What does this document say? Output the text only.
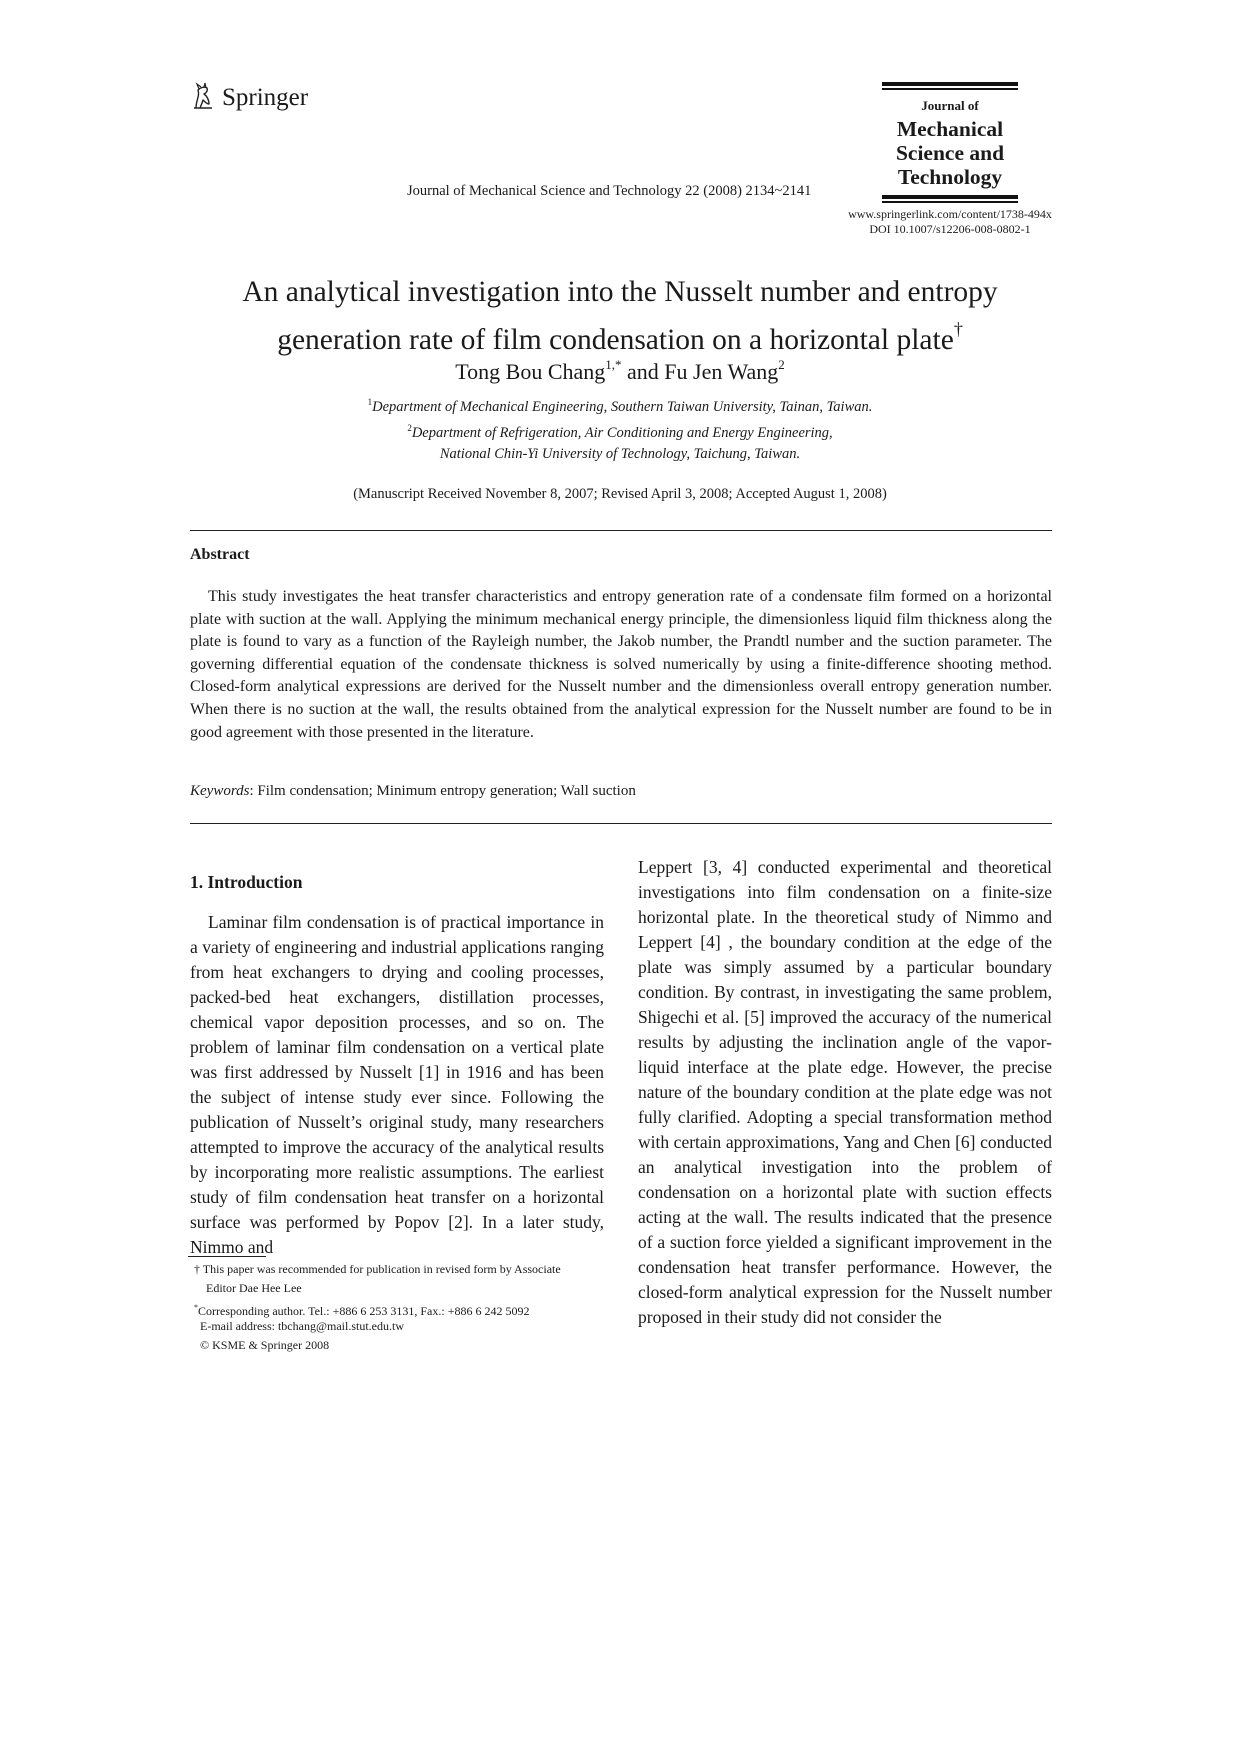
Springer	Journal of
Mechanical
Science and
Technology
Journal of Mechanical Science and Technology 22 (2008) 2134~2141
www.springerlink.com/content/1738-494x
DOI 10.1007/s12206-008-0802-1
An analytical investigation into the Nusselt number and entropy
generation rate of film condensation on a horizontal plate†
Tong Bou Chang$^{1,*}$ and Fu Jen Wang$^2$
$^1$Department of Mechanical Engineering, Southern Taiwan University, Tainan, Taiwan.
$^2$Department of Refrigeration, Air Conditioning and Energy Engineering,
National Chin-Yi University of Technology, Taichung, Taiwan.
(Manuscript Received November 8, 2007; Revised April 3, 2008; Accepted August 1, 2008)
Abstract
This study investigates the heat transfer characteristics and entropy generation rate of a condensate film formed on a horizontal plate with suction at the wall. Applying the minimum mechanical energy principle, the dimensionless liquid film thickness along the plate is found to vary as a function of the Rayleigh number, the Jakob number, the Prandtl number and the suction parameter. The governing differential equation of the condensate thickness is solved numerically by using a finite-difference shooting method. Closed-form analytical expressions are derived for the Nusselt number and the dimensionless overall entropy generation number. When there is no suction at the wall, the results obtained from the analytical expression for the Nusselt number are found to be in good agreement with those presented in the literature.
Keywords: Film condensation; Minimum entropy generation; Wall suction
1. Introduction
Laminar film condensation is of practical importance in a variety of engineering and industrial applications ranging from heat exchangers to drying and cooling processes, packed-bed heat exchangers, distillation processes, chemical vapor deposition processes, and so on. The problem of laminar film condensation on a vertical plate was first addressed by Nusselt [1] in 1916 and has been the subject of intense study ever since. Following the publication of Nusselt’s original study, many researchers attempted to improve the accuracy of the analytical results by incorporating more realistic assumptions. The earliest study of film condensation heat transfer on a horizontal surface was performed by Popov [2]. In a later study, Nimmo and
Leppert [3, 4] conducted experimental and theoretical investigations into film condensation on a finite-size horizontal plate. In the theoretical study of Nimmo and Leppert [4] , the boundary condition at the edge of the plate was simply assumed by a particular boundary condition. By contrast, in investigating the same problem, Shigechi et al. [5] improved the accuracy of the numerical results by adjusting the inclination angle of the vapor-liquid interface at the plate edge. However, the precise nature of the boundary condition at the plate edge was not fully clarified. Adopting a special transformation method with certain approximations, Yang and Chen [6] conducted an analytical investigation into the problem of condensation on a horizontal plate with suction effects acting at the wall. The results indicated that the presence of a suction force yielded a significant improvement in the condensation heat transfer performance. However, the closed-form analytical expression for the Nusselt number proposed in their study did not consider the
† This paper was recommended for publication in revised form by Associate
Editor Dae Hee Lee
*Corresponding author. Tel.: +886 6 253 3131, Fax.: +886 6 242 5092
E-mail address: tbchang@mail.stut.edu.tw
© KSME & Springer 2008
